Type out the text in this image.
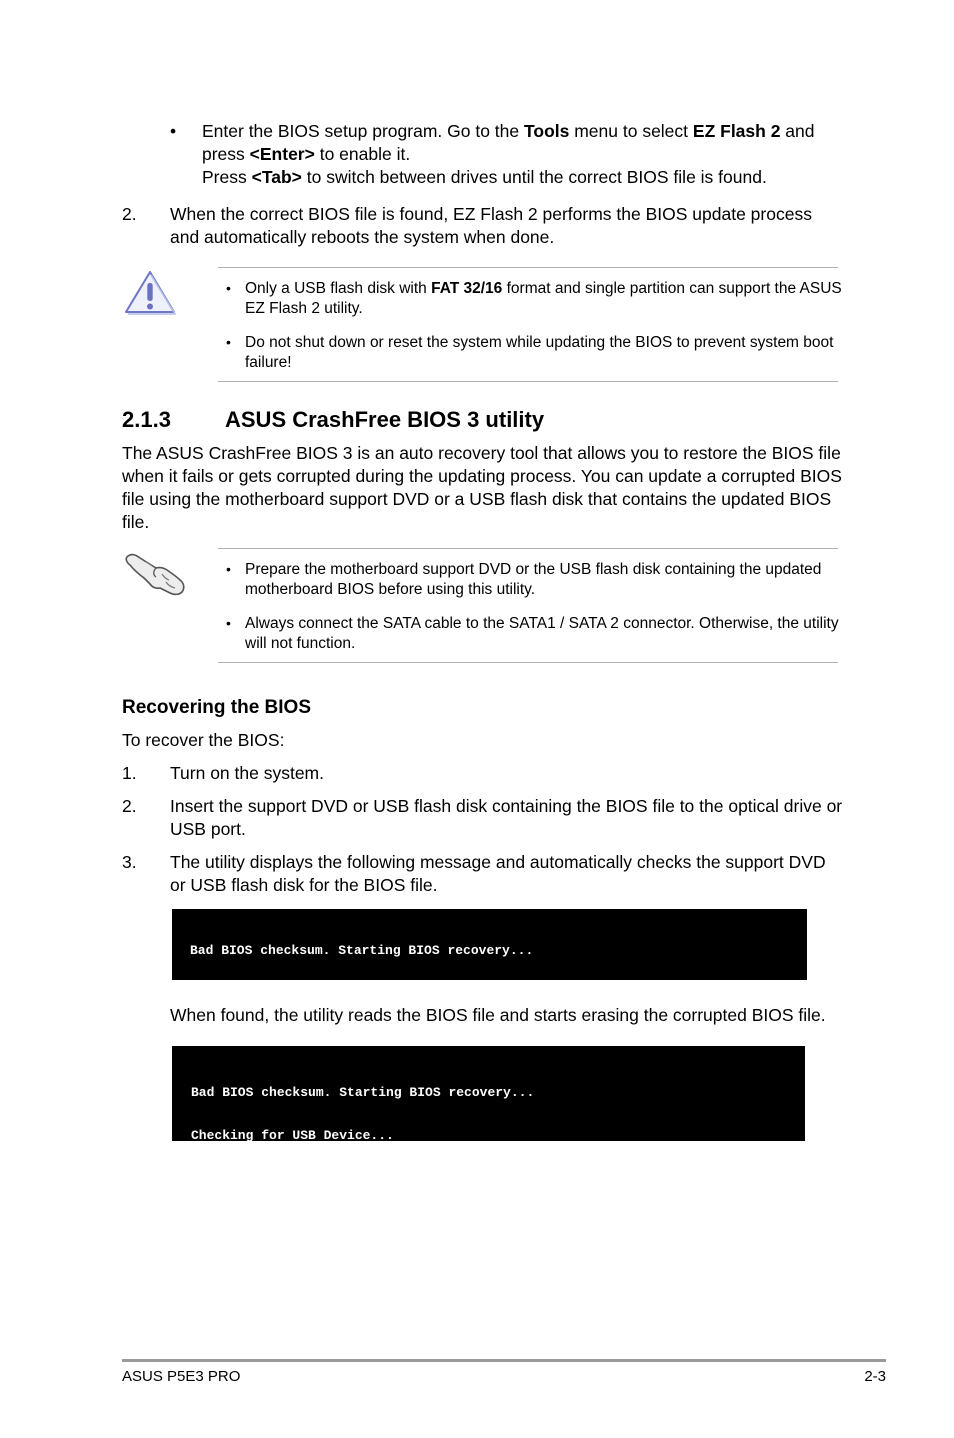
• Enter the BIOS setup program. Go to the Tools menu to select EZ Flash 2 and
press <Enter> to enable it.
Press <Tab> to switch between drives until the correct BIOS file is found.
2. When the correct BIOS file is found, EZ Flash 2 performs the BIOS update process
and automatically reboots the system when done.
• Only a USB flash disk with FAT 32/16 format and single partition can support the ASUS
EZ Flash 2 utility.
• Do not shut down or reset the system while updating the BIOS to prevent system boot
failure!
2.1.3 ASUS CrashFree BIOS 3 utility
The ASUS CrashFree BIOS 3 is an auto recovery tool that allows you to restore the BIOS file
when it fails or gets corrupted during the updating process. You can update a corrupted BIOS
file using the motherboard support DVD or a USB flash disk that contains the updated BIOS
file.
• Prepare the motherboard support DVD or the USB flash disk containing the updated
motherboard BIOS before using this utility.
• Always connect the SATA cable to the SATA1 / SATA 2 connector. Otherwise, the utility
will not function.
Recovering the BIOS
To recover the BIOS:
1. Turn on the system.
2. Insert the support DVD or USB flash disk containing the BIOS file to the optical drive or
USB port.
3. The utility displays the following message and automatically checks the support DVD
or USB flash disk for the BIOS file.

Bad BIOS checksum. Starting BIOS recovery...

Checking for CD-ROM...

CD-ROM not found!

When found, the utility reads the BIOS file and starts erasing the corrupted BIOS file.

Bad BIOS checksum. Starting BIOS recovery...

Checking for USB Device...

USB Device found.

Reading file “P5E3PRO.ROM”. Completed.

Start Erasing...\

ASUS P5E3 PRO	2-3
